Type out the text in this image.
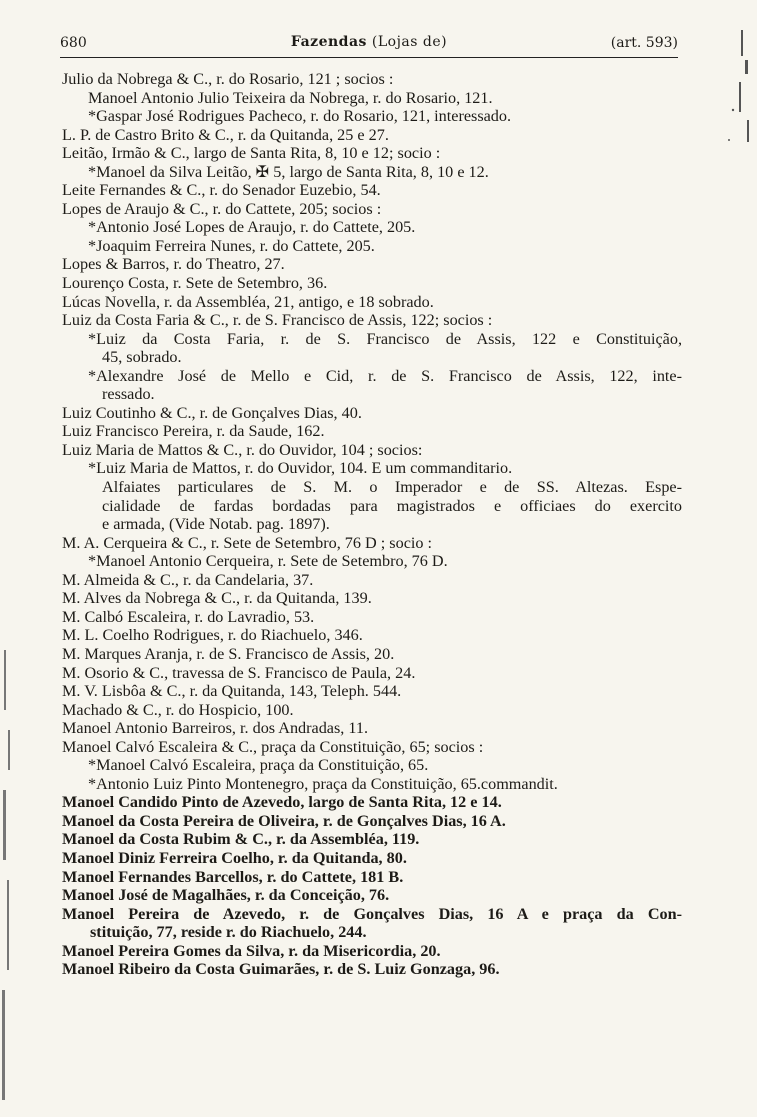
680	Fazendas (Lojas de)	(art. 593)
Julio da Nobrega & C., r. do Rosario, 121 ; socios :
Manoel Antonio Julio Teixeira da Nobrega, r. do Rosario, 121.
*Gaspar José Rodrigues Pacheco, r. do Rosario, 121, interessado.
L. P. de Castro Brito & C., r. da Quitanda, 25 e 27.
Leitão, Irmão & C., largo de Santa Rita, 8, 10 e 12; socio :
*Manoel da Silva Leitão, ✠ 5, largo de Santa Rita, 8, 10 e 12.
Leite Fernandes & C., r. do Senador Euzebio, 54.
Lopes de Araujo & C., r. do Cattete, 205; socios :
*Antonio José Lopes de Araujo, r. do Cattete, 205.
*Joaquim Ferreira Nunes, r. do Cattete, 205.
Lopes & Barros, r. do Theatro, 27.
Lourenço Costa, r. Sete de Setembro, 36.
Lúcas Novella, r. da Assembléa, 21, antigo, e 18 sobrado.
Luiz da Costa Faria & C., r. de S. Francisco de Assis, 122; socios :
*Luiz da Costa Faria, r. de S. Francisco de Assis, 122 e Constituição,
45, sobrado.
*Alexandre José de Mello e Cid, r. de S. Francisco de Assis, 122, inte-
ressado.
Luiz Coutinho & C., r. de Gonçalves Dias, 40.
Luiz Francisco Pereira, r. da Saude, 162.
Luiz Maria de Mattos & C., r. do Ouvidor, 104 ; socios:
*Luiz Maria de Mattos, r. do Ouvidor, 104. E um commanditario.
Alfaiates particulares de S. M. o Imperador e de SS. Altezas. Espe-
cialidade de fardas bordadas para magistrados e officiaes do exercito
e armada, (Vide Notab. pag. 1897).
M. A. Cerqueira & C., r. Sete de Setembro, 76 D ; socio :
*Manoel Antonio Cerqueira, r. Sete de Setembro, 76 D.
M. Almeida & C., r. da Candelaria, 37.
M. Alves da Nobrega & C., r. da Quitanda, 139.
M. Calbó Escaleira, r. do Lavradio, 53.
M. L. Coelho Rodrigues, r. do Riachuelo, 346.
M. Marques Aranja, r. de S. Francisco de Assis, 20.
M. Osorio & C., travessa de S. Francisco de Paula, 24.
M. V. Lisbôa & C., r. da Quitanda, 143, Teleph. 544.
Machado & C., r. do Hospicio, 100.
Manoel Antonio Barreiros, r. dos Andradas, 11.
Manoel Calvó Escaleira & C., praça da Constituição, 65; socios :
*Manoel Calvó Escaleira, praça da Constituição, 65.
*Antonio Luiz Pinto Montenegro, praça da Constituição, 65.commandit.
Manoel Candido Pinto de Azevedo, largo de Santa Rita, 12 e 14.
Manoel da Costa Pereira de Oliveira, r. de Gonçalves Dias, 16 A.
Manoel da Costa Rubim & C., r. da Assembléa, 119.
Manoel Diniz Ferreira Coelho, r. da Quitanda, 80.
Manoel Fernandes Barcellos, r. do Cattete, 181 B.
Manoel José de Magalhães, r. da Conceição, 76.
Manoel Pereira de Azevedo, r. de Gonçalves Dias, 16 A e praça da Con-
stituição, 77, reside r. do Riachuelo, 244.
Manoel Pereira Gomes da Silva, r. da Misericordia, 20.
Manoel Ribeiro da Costa Guimarães, r. de S. Luiz Gonzaga, 96.
